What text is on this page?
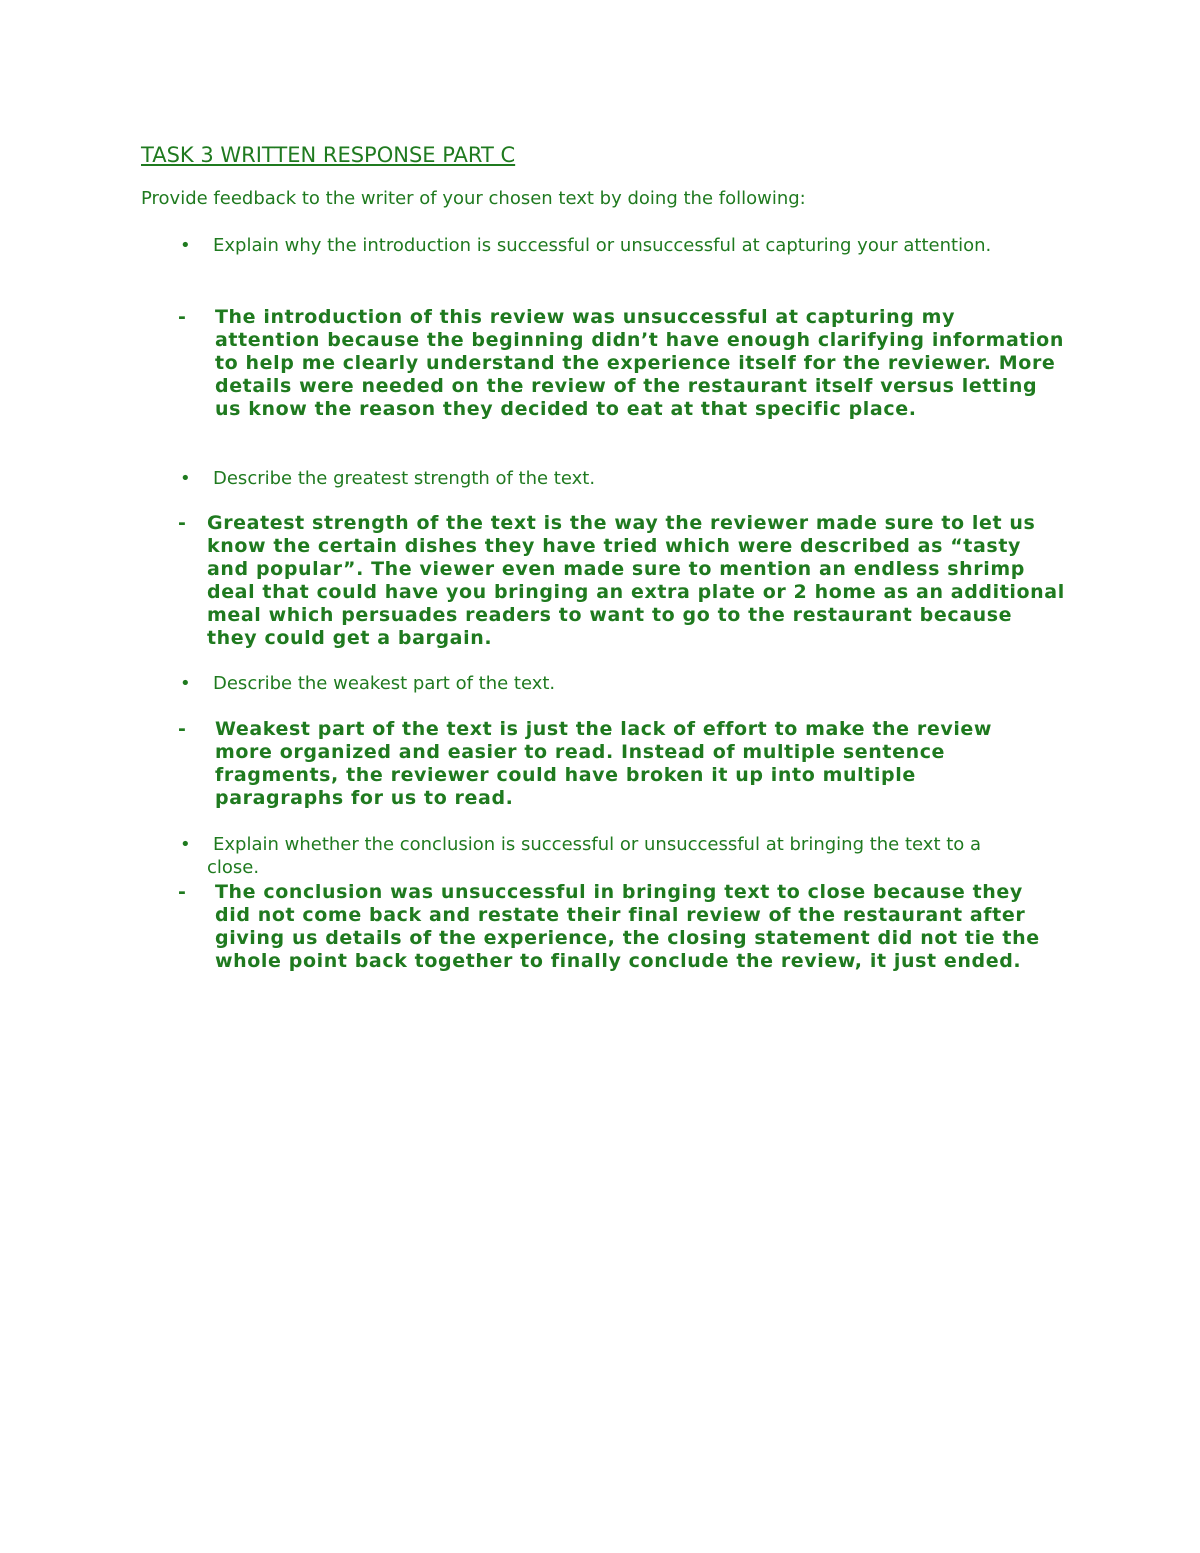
TASK 3 WRITTEN RESPONSE PART C

Provide feedback to the writer of your chosen text by doing the following:

•	Explain why the introduction is successful or unsuccessful at capturing your attention.

- The introduction of this review was unsuccessful at capturing my attention because the beginning didn’t have enough clarifying information to help me clearly understand the experience itself for the reviewer. More details were needed on the review of the restaurant itself versus letting us know the reason they decided to eat at that specific place.

•	Describe the greatest strength of the text.

- Greatest strength of the text is the way the reviewer made sure to let us know the certain dishes they have tried which were described as “tasty and popular”. The viewer even made sure to mention an endless shrimp deal that could have you bringing an extra plate or 2 home as an additional meal which persuades readers to want to go to the restaurant because they could get a bargain.

•	Describe the weakest part of the text.

- Weakest part of the text is just the lack of effort to make the review more organized and easier to read. Instead of multiple sentence fragments, the reviewer could have broken it up into multiple paragraphs for us to read.

•	Explain whether the conclusion is successful or unsuccessful at bringing the text to a close.

- The conclusion was unsuccessful in bringing text to close because they did not come back and restate their final review of the restaurant after giving us details of the experience, the closing statement did not tie the whole point back together to finally conclude the review, it just ended.
